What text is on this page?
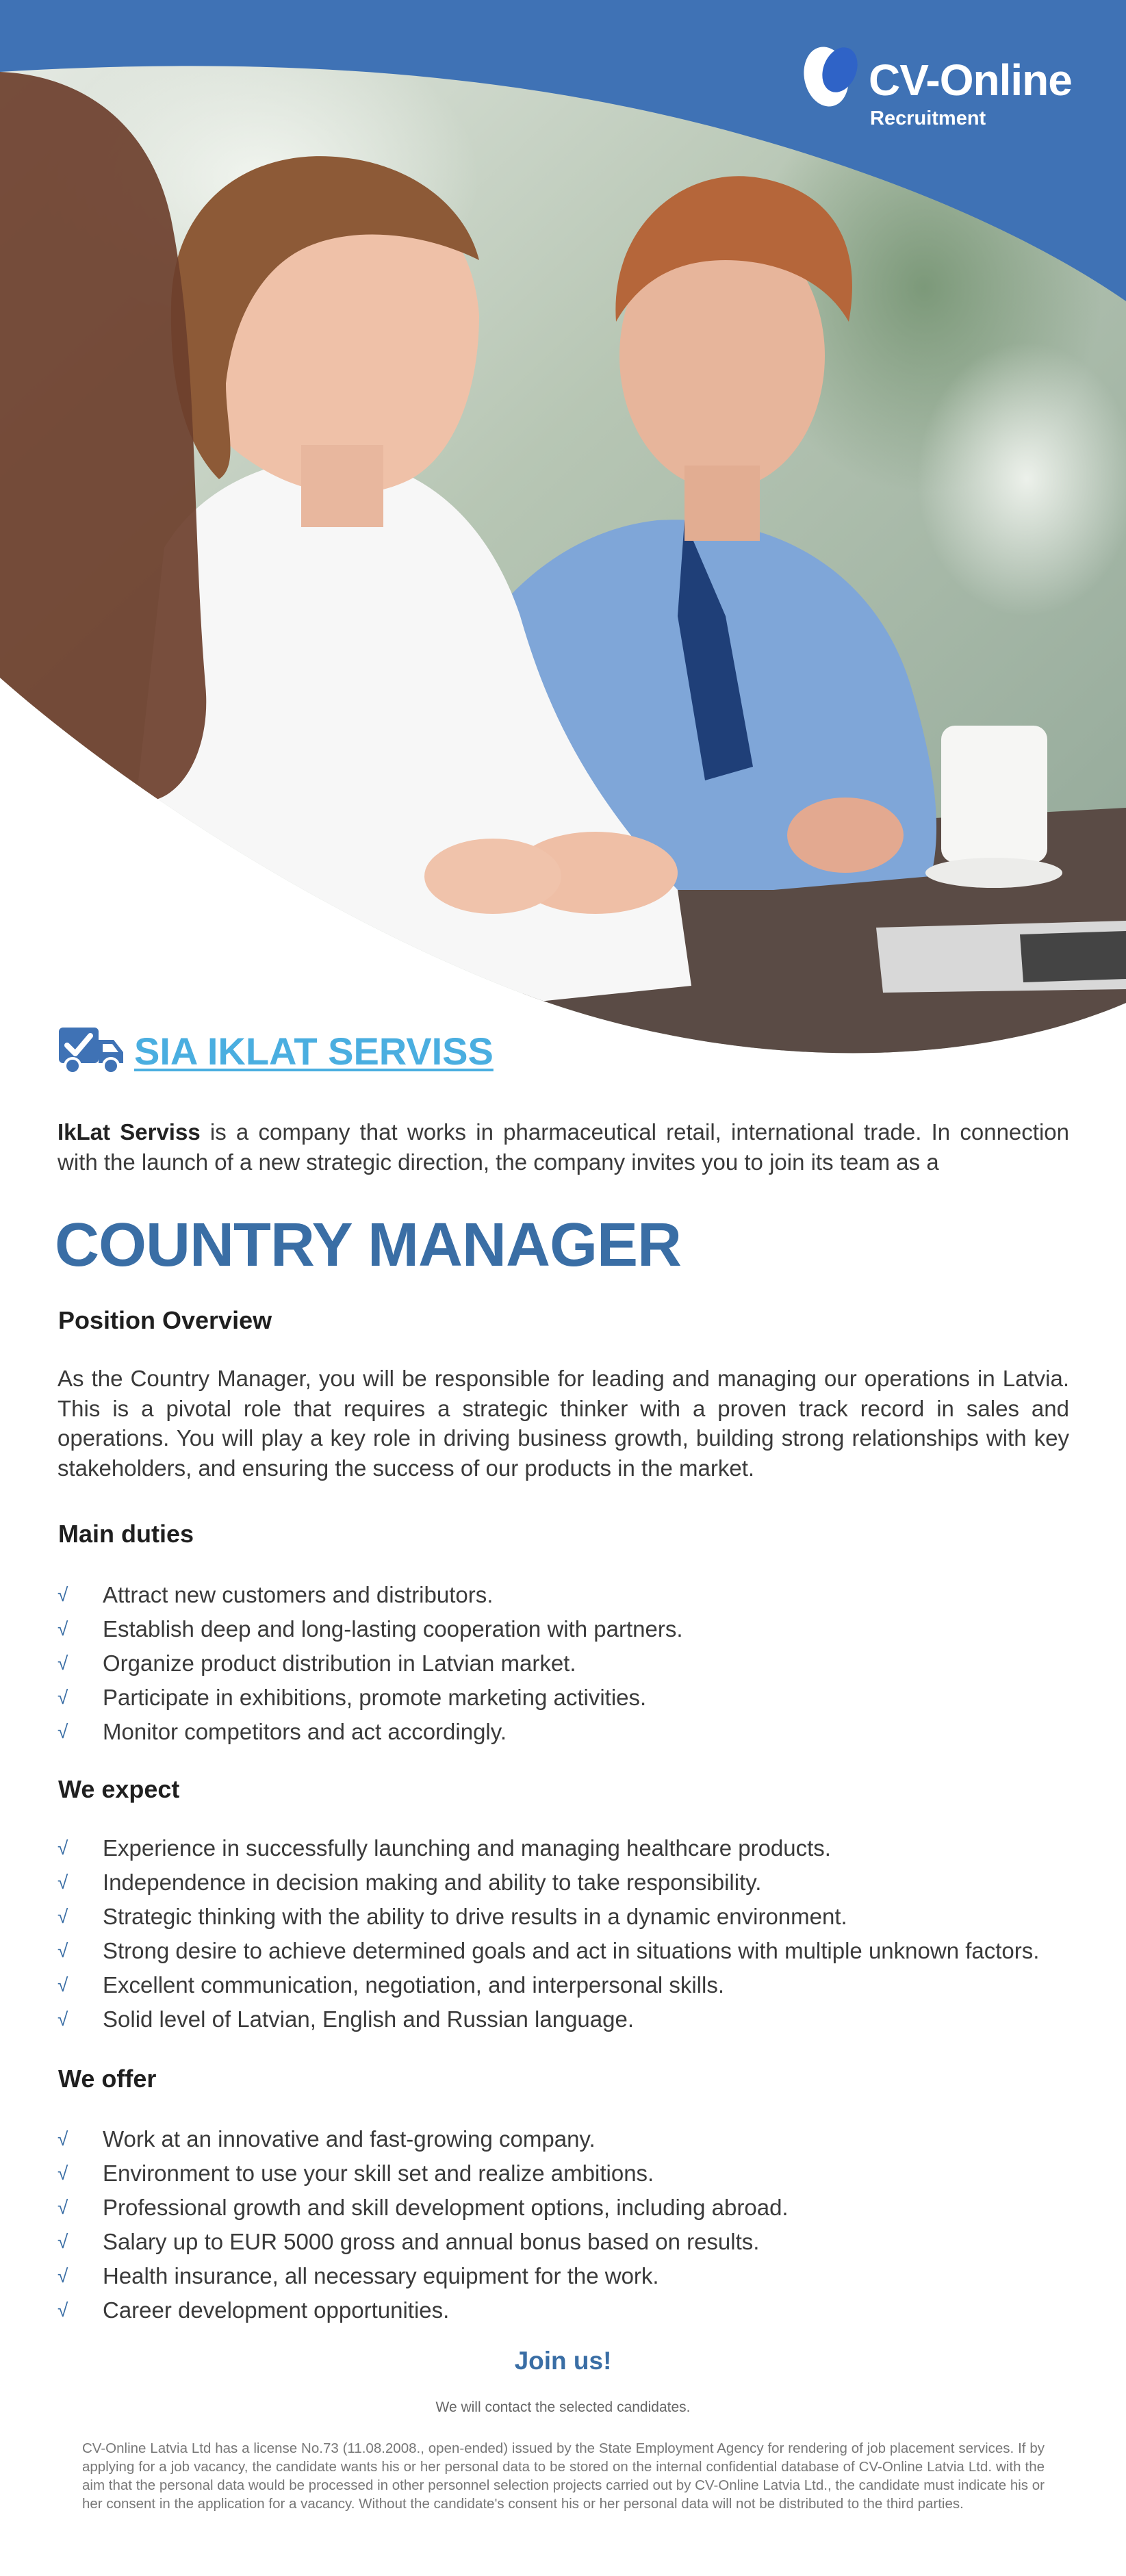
CV-Online
Recruitment
SIA IKLAT SERVISS
IkLat Serviss is a company that works in pharmaceutical retail, international trade. In connection with the launch of a new strategic direction, the company invites you to join its team as a
COUNTRY MANAGER
Position Overview
As the Country Manager, you will be responsible for leading and managing our operations in Latvia. This is a pivotal role that requires a strategic thinker with a proven track record in sales and operations. You will play a key role in driving business growth, building strong relationships with key stakeholders, and ensuring the success of our products in the market.
Main duties
√ Attract new customers and distributors.
√ Establish deep and long-lasting cooperation with partners.
√ Organize product distribution in Latvian market.
√ Participate in exhibitions, promote marketing activities.
√ Monitor competitors and act accordingly.
We expect
√ Experience in successfully launching and managing healthcare products.
√ Independence in decision making and ability to take responsibility.
√ Strategic thinking with the ability to drive results in a dynamic environment.
√ Strong desire to achieve determined goals and act in situations with multiple unknown factors.
√ Excellent communication, negotiation, and interpersonal skills.
√ Solid level of Latvian, English and Russian language.
We offer
√ Work at an innovative and fast-growing company.
√ Environment to use your skill set and realize ambitions.
√ Professional growth and skill development options, including abroad.
√ Salary up to EUR 5000 gross and annual bonus based on results.
√ Health insurance, all necessary equipment for the work.
√ Career development opportunities.
Join us!
We will contact the selected candidates.
CV-Online Latvia Ltd has a license No.73 (11.08.2008., open-ended) issued by the State Employment Agency for rendering of job placement services. If by applying for a job vacancy, the candidate wants his or her personal data to be stored on the internal confidential database of CV-Online Latvia Ltd. with the aim that the personal data would be processed in other personnel selection projects carried out by CV-Online Latvia Ltd., the candidate must indicate his or her consent in the application for a vacancy. Without the candidate's consent his or her personal data will not be distributed to the third parties.
